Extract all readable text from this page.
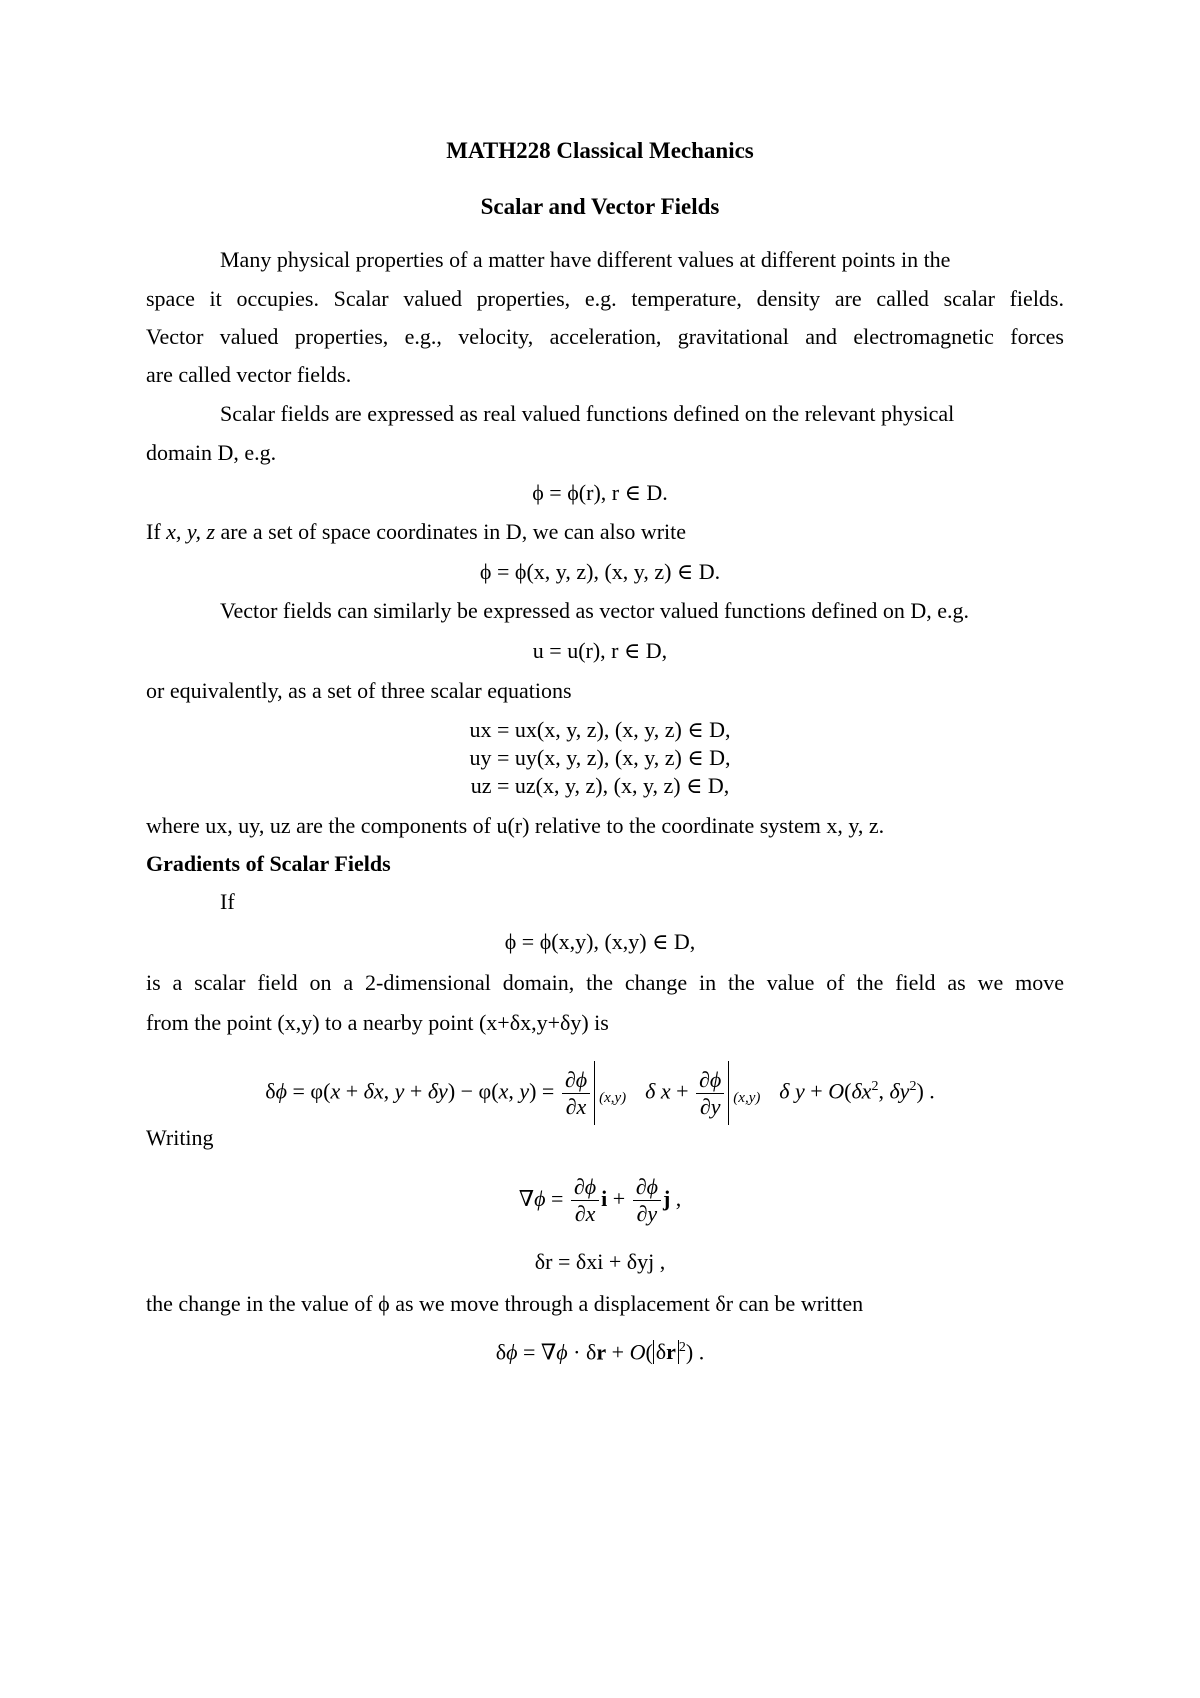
MATH228 Classical Mechanics
Scalar and Vector Fields
Many physical properties of a matter have different values at different points in the
space it occupies. Scalar valued properties, e.g. temperature, density are called scalar fields.
Vector valued properties, e.g., velocity, acceleration, gravitational and electromagnetic forces
are called vector fields.
Scalar fields are expressed as real valued functions defined on the relevant physical
domain D, e.g.
ϕ = ϕ(r), r ∈ D.
If x, y, z are a set of space coordinates in D, we can also write
ϕ = ϕ(x, y, z), (x, y, z) ∈ D.
Vector fields can similarly be expressed as vector valued functions defined on D, e.g.
u = u(r), r ∈ D,
or equivalently, as a set of three scalar equations
ux = ux(x, y, z), (x, y, z) ∈ D,
uy = uy(x, y, z), (x, y, z) ∈ D,
uz = uz(x, y, z), (x, y, z) ∈ D,
where ux, uy, uz are the components of u(r) relative to the coordinate system x, y, z.
Gradients of Scalar Fields
If
ϕ = ϕ(x,y), (x,y) ∈ D,
is a scalar field on a 2-dimensional domain, the change in the value of the field as we move
from the point (x,y) to a nearby point (x+δx,y+δy) is
δϕ = φ(x + δx, y + δy) − φ(x, $y) = \frac{\partial\phi}{\partial x} (x,y)$ δ $x + \frac{\partial\phi}{\partial y} (x,y)$ δ $y + O(\delta x^2$, $\delta y^2$) .
Writing
$\nabla\phi = \frac{\partial\phi}{\partial x}$ $i + \frac{\partial\phi}{\partial y}$ j ,
δr = δxi + δyj ,
the change in the value of ϕ as we move through a displacement δr can be written
δϕ = ∇ϕ · δr + O( δr $^2$) .
